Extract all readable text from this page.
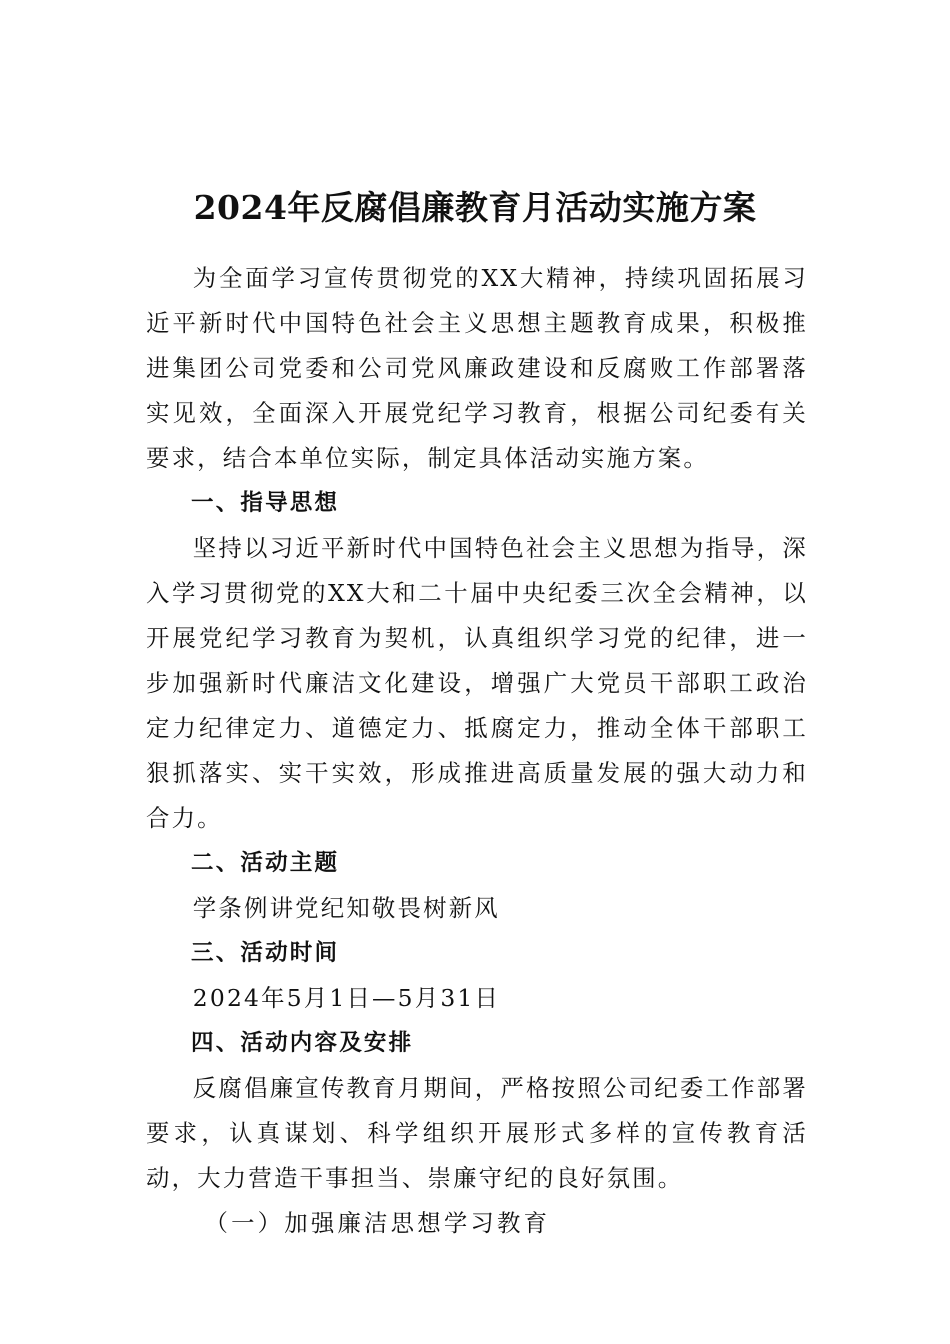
2024年反腐倡廉教育月活动实施方案

为全面学习宣传贯彻党的XX大精神，持续巩固拓展习近平新时代中国特色社会主义思想主题教育成果，积极推进集团公司党委和公司党风廉政建设和反腐败工作部署落实见效，全面深入开展党纪学习教育，根据公司纪委有关要求，结合本单位实际，制定具体活动实施方案。

一、指导思想

坚持以习近平新时代中国特色社会主义思想为指导，深入学习贯彻党的XX大和二十届中央纪委三次全会精神，以开展党纪学习教育为契机，认真组织学习党的纪律，进一步加强新时代廉洁文化建设，增强广大党员干部职工政治定力纪律定力、道德定力、抵腐定力，推动全体干部职工狠抓落实、实干实效，形成推进高质量发展的强大动力和合力。

二、活动主题

学条例讲党纪知敬畏树新风

三、活动时间

2024年5月1日—5月31日

四、活动内容及安排

反腐倡廉宣传教育月期间，严格按照公司纪委工作部署要求，认真谋划、科学组织开展形式多样的宣传教育活动，大力营造干事担当、崇廉守纪的良好氛围。

（一）加强廉洁思想学习教育
